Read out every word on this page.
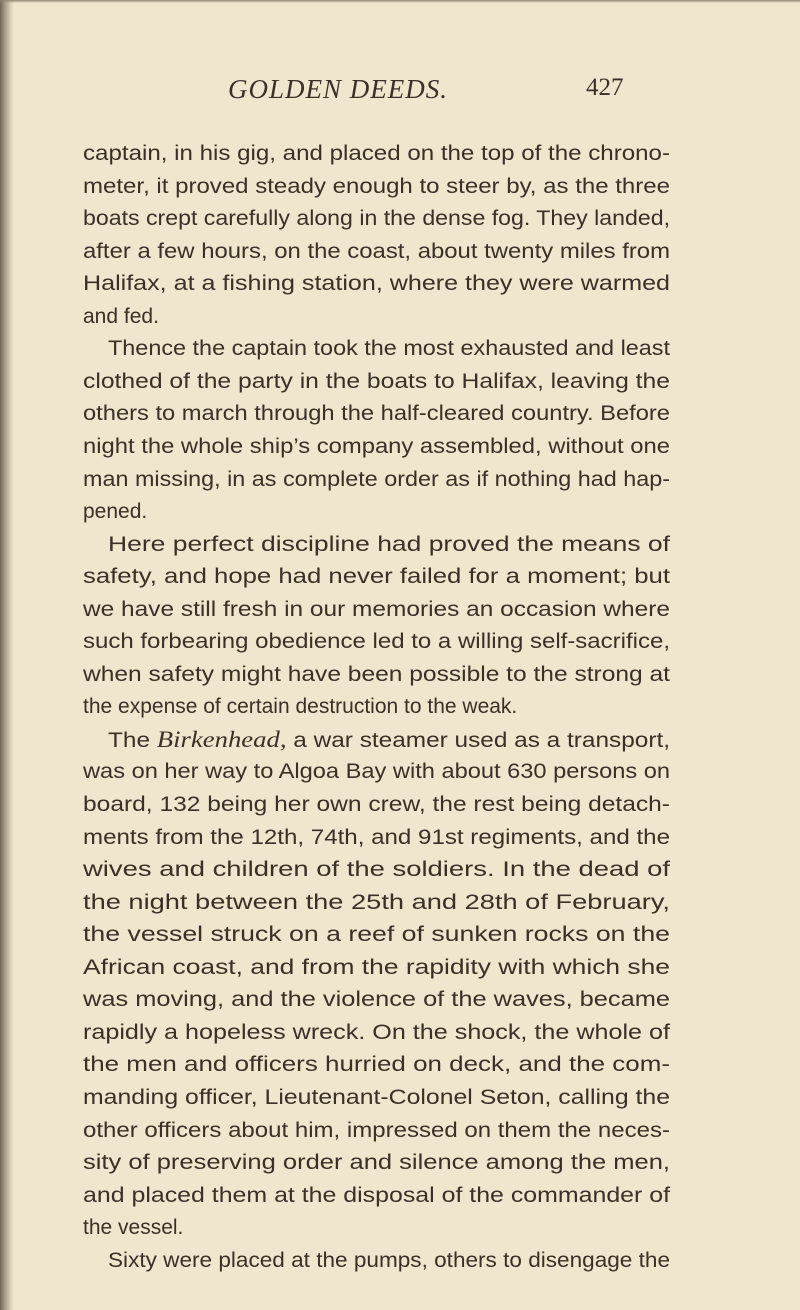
GOLDEN DEEDS.	427
captain, in his gig, and placed on the top of the chrono-
meter, it proved steady enough to steer by, as the three
boats crept carefully along in the dense fog. They landed,
after a few hours, on the coast, about twenty miles from
Halifax, at a fishing station, where they were warmed
and fed.
Thence the captain took the most exhausted and least
clothed of the party in the boats to Halifax, leaving the
others to march through the half-cleared country. Before
night the whole ship’s company assembled, without one
man missing, in as complete order as if nothing had hap-
pened.
Here perfect discipline had proved the means of
safety, and hope had never failed for a moment; but
we have still fresh in our memories an occasion where
such forbearing obedience led to a willing self-sacrifice,
when safety might have been possible to the strong at
the expense of certain destruction to the weak.
The Birkenhead, a war steamer used as a transport,
was on her way to Algoa Bay with about 630 persons on
board, 132 being her own crew, the rest being detach-
ments from the 12th, 74th, and 91st regiments, and the
wives and children of the soldiers. In the dead of
the night between the 25th and 28th of February,
the vessel struck on a reef of sunken rocks on the
African coast, and from the rapidity with which she
was moving, and the violence of the waves, became
rapidly a hopeless wreck. On the shock, the whole of
the men and officers hurried on deck, and the com-
manding officer, Lieutenant-Colonel Seton, calling the
other officers about him, impressed on them the neces-
sity of preserving order and silence among the men,
and placed them at the disposal of the commander of
the vessel.
Sixty were placed at the pumps, others to disengage the
